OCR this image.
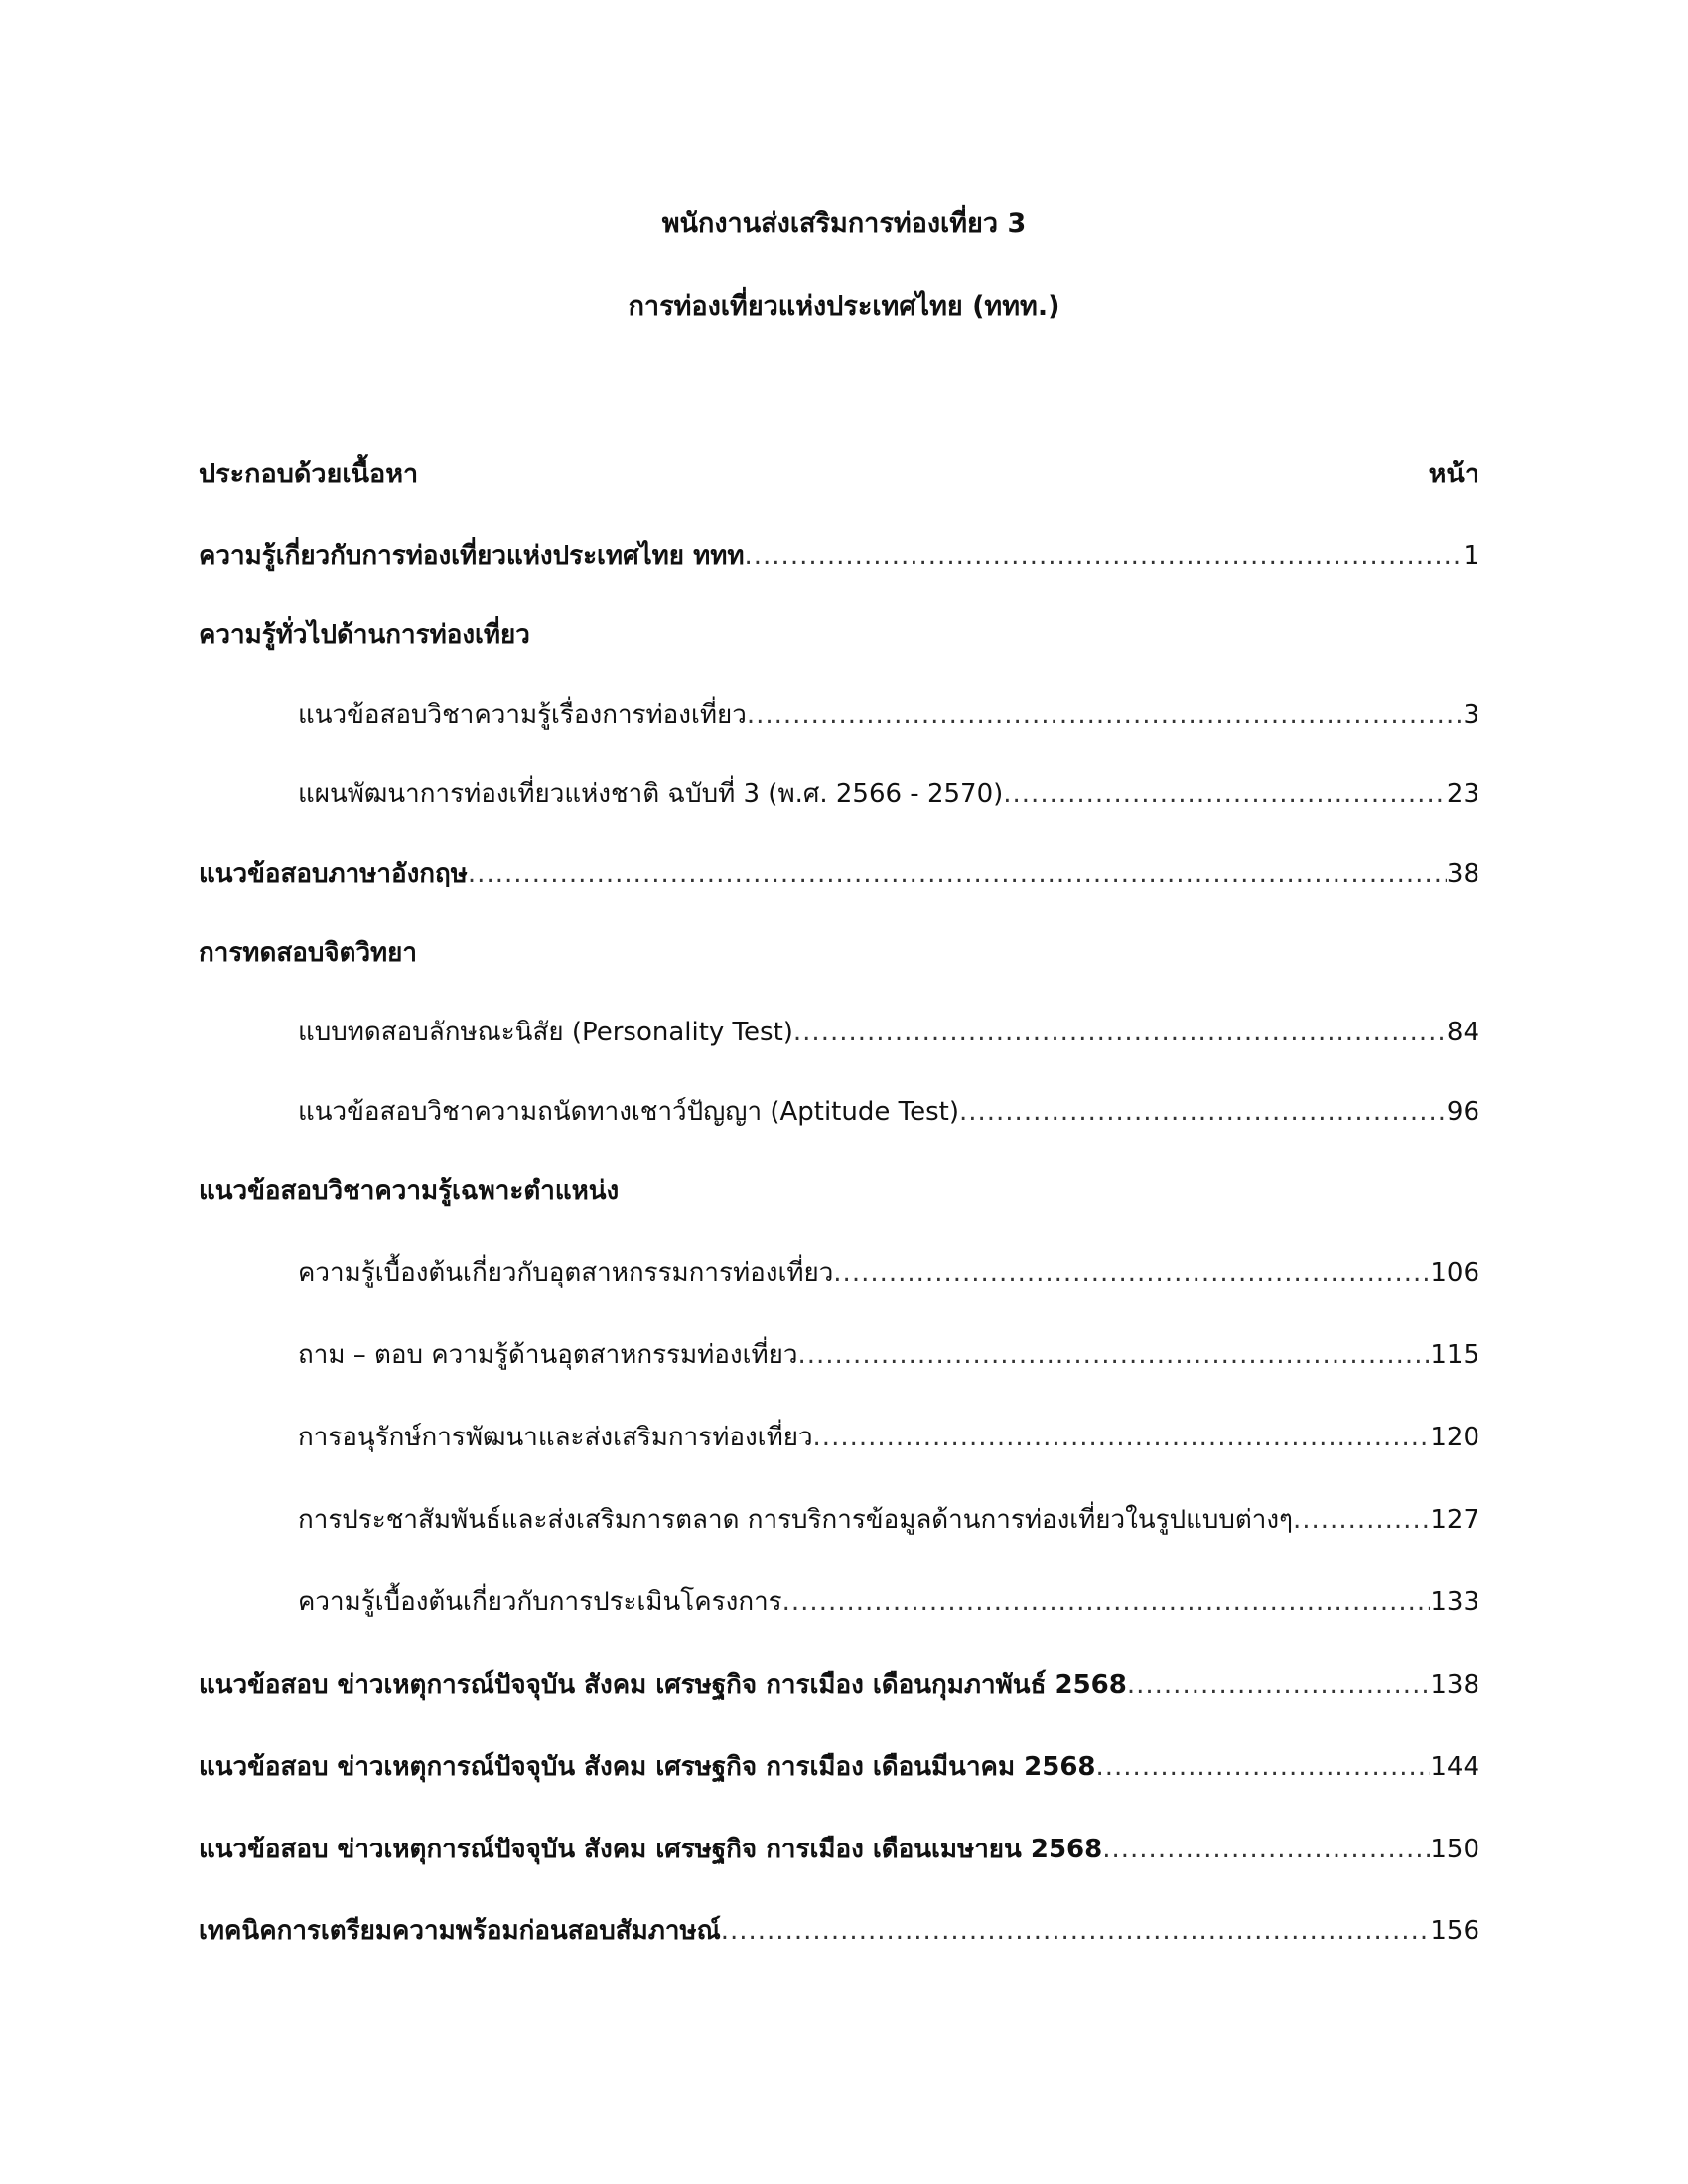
พนักงานส่งเสริมการท่องเที่ยว 3

การท่องเที่ยวแห่งประเทศไทย (ททท.)

ประกอบด้วยเนื้อหา	หน้า
ความรู้เกี่ยวกับการท่องเที่ยวแห่งประเทศไทย ททท .....	1
ความรู้ทั่วไปด้านการท่องเที่ยว
แนวข้อสอบวิชาความรู้เรื่องการท่องเที่ยว .....	3
แผนพัฒนาการท่องเที่ยวแห่งชาติ ฉบับที่ 3 (พ.ศ. 2566 - 2570) .....	23
แนวข้อสอบภาษาอังกฤษ .....	38
การทดสอบจิตวิทยา
แบบทดสอบลักษณะนิสัย (Personality Test) .....	84
แนวข้อสอบวิชาความถนัดทางเชาว์ปัญญา (Aptitude Test) .....	96
แนวข้อสอบวิชาความรู้เฉพาะตำแหน่ง
ความรู้เบื้องต้นเกี่ยวกับอุตสาหกรรมการท่องเที่ยว .....	106
ถาม – ตอบ ความรู้ด้านอุตสาหกรรมท่องเที่ยว .....	115
การอนุรักษ์การพัฒนาและส่งเสริมการท่องเที่ยว .....	120
การประชาสัมพันธ์และส่งเสริมการตลาด การบริการข้อมูลด้านการท่องเที่ยวในรูปแบบต่างๆ .....	127
ความรู้เบื้องต้นเกี่ยวกับการประเมินโครงการ .....	133
แนวข้อสอบ ข่าวเหตุการณ์ปัจจุบัน สังคม เศรษฐกิจ การเมือง เดือนกุมภาพันธ์ 2568 .....	138
แนวข้อสอบ ข่าวเหตุการณ์ปัจจุบัน สังคม เศรษฐกิจ การเมือง เดือนมีนาคม 2568 .....	144
แนวข้อสอบ ข่าวเหตุการณ์ปัจจุบัน สังคม เศรษฐกิจ การเมือง เดือนเมษายน 2568 .....	150
เทคนิคการเตรียมความพร้อมก่อนสอบสัมภาษณ์ .....	156
